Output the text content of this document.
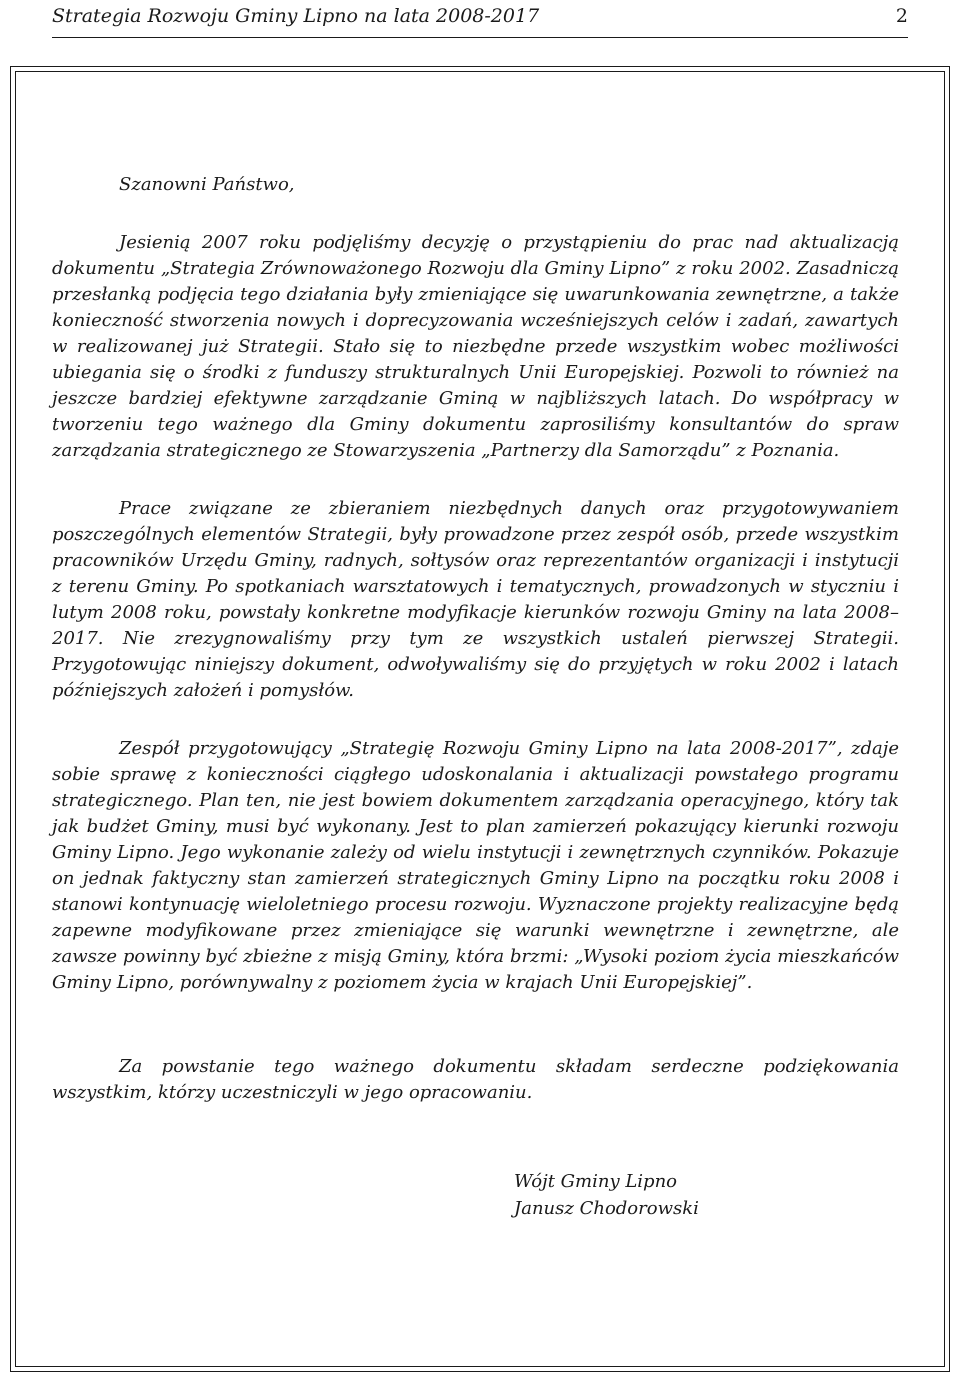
Strategia Rozwoju Gminy Lipno na lata 2008-2017	2

Szanowni Państwo,

Jesienią 2007 roku podjęliśmy decyzję o przystąpieniu do prac nad aktualizacją dokumentu „Strategia Zrównoważonego Rozwoju dla Gminy Lipno” z roku 2002. Zasadniczą przesłanką podjęcia tego działania były zmieniające się uwarunkowania zewnętrzne, a także konieczność stworzenia nowych i doprecyzowania wcześniejszych celów i zadań, zawartych w realizowanej już Strategii. Stało się to niezbędne przede wszystkim wobec możliwości ubiegania się o środki z funduszy strukturalnych Unii Europejskiej. Pozwoli to również na jeszcze bardziej efektywne zarządzanie Gminą w najbliższych latach. Do współpracy w tworzeniu tego ważnego dla Gminy dokumentu zaprosiliśmy konsultantów do spraw zarządzania strategicznego ze Stowarzyszenia „Partnerzy dla Samorządu” z Poznania.

Prace związane ze zbieraniem niezbędnych danych oraz przygotowywaniem poszczególnych elementów Strategii, były prowadzone przez zespół osób, przede wszystkim pracowników Urzędu Gminy, radnych, sołtysów oraz reprezentantów organizacji i instytucji z terenu Gminy. Po spotkaniach warsztatowych i tematycznych, prowadzonych w styczniu i lutym 2008 roku, powstały konkretne modyfikacje kierunków rozwoju Gminy na lata 2008–2017. Nie zrezygnowaliśmy przy tym ze wszystkich ustaleń pierwszej Strategii. Przygotowując niniejszy dokument, odwoływaliśmy się do przyjętych w roku 2002 i latach późniejszych założeń i pomysłów.

Zespół przygotowujący „Strategię Rozwoju Gminy Lipno na lata 2008-2017”, zdaje sobie sprawę z konieczności ciągłego udoskonalania i aktualizacji powstałego programu strategicznego. Plan ten, nie jest bowiem dokumentem zarządzania operacyjnego, który tak jak budżet Gminy, musi być wykonany. Jest to plan zamierzeń pokazujący kierunki rozwoju Gminy Lipno. Jego wykonanie zależy od wielu instytucji i zewnętrznych czynników. Pokazuje on jednak faktyczny stan zamierzeń strategicznych Gminy Lipno na początku roku 2008 i stanowi kontynuację wieloletniego procesu rozwoju. Wyznaczone projekty realizacyjne będą zapewne modyfikowane przez zmieniające się warunki wewnętrzne i zewnętrzne, ale zawsze powinny być zbieżne z misją Gminy, która brzmi: „Wysoki poziom życia mieszkańców Gminy Lipno, porównywalny z poziomem życia w krajach Unii Europejskiej”.

Za powstanie tego ważnego dokumentu składam serdeczne podziękowania wszystkim, którzy uczestniczyli w jego opracowaniu.

Wójt Gminy Lipno
Janusz Chodorowski
